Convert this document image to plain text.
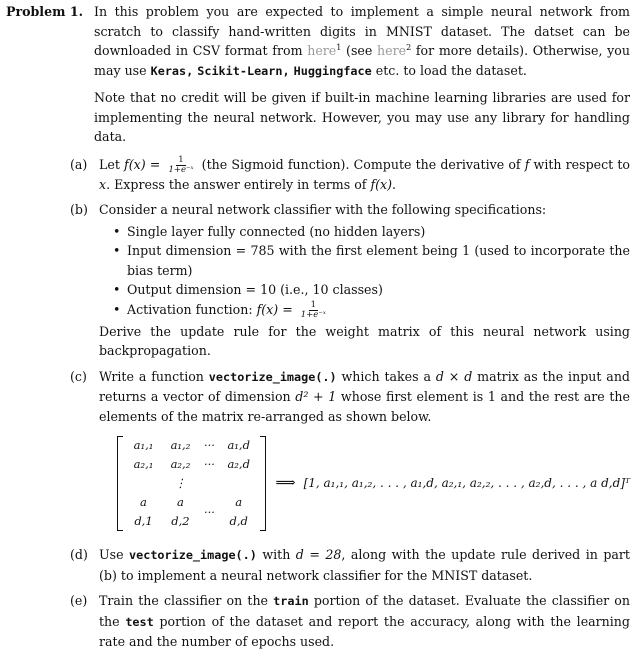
Problem 1. In this problem you are expected to implement a simple neural network from scratch to classify hand-written digits in MNIST dataset. The datset can be downloaded in CSV format from here$^1$ (see here$^2$ for more details). Otherwise, you may use Keras, Scikit-Learn, Huggingface etc. to load the dataset.

Note that no credit will be given if built-in machine learning libraries are used for implementing the neural network. However, you may use any library for handling data.

(a) Let $f(x) = \frac{1}{\text{1+e⁻ˣ}} (the$ Sigmoid function). Compute the derivative of f with respect to x. Express the answer entirely in terms of f(x).
(b) Consider a neural network classifier with the following specifications:
• Single layer fully connected (no hidden layers)
• Input dimension = 785 with the first element being 1 (used to incorporate the bias term)
• Output dimension = 10 (i.e., 10 classes)
• Activation function: $f(x) = \frac{1}{\text{1+e⁻ˣ}}$
Derive the update rule for the weight matrix of this neural network using backpropagation.
(c) Write a function vectorize_image(.) which takes a d × d matrix as the input and returns a vector of dimension d² + 1 whose first element is 1 and the rest are the elements of the matrix re-arranged as shown below.
a₁,₁	a₁,₂	···	a₁,d
a₂,₁	a₂,₂	···	a₂,d
	⋮		
a d,1	a d,2	···	a d,d
⟹ [1, a₁,₁, a₁,₂, . . . , a₁,d, a₂,₁, a₂,₂, . . . , a₂,d, . . . , a d,d]ᵀ
(d) Use vectorize_image(.) with d = 28, along with the update rule derived in part (b) to implement a neural network classifier for the MNIST dataset.
(e) Train the classifier on the train portion of the dataset. Evaluate the classifier on the test portion of the dataset and report the accuracy, along with the learning rate and the number of epochs used.
